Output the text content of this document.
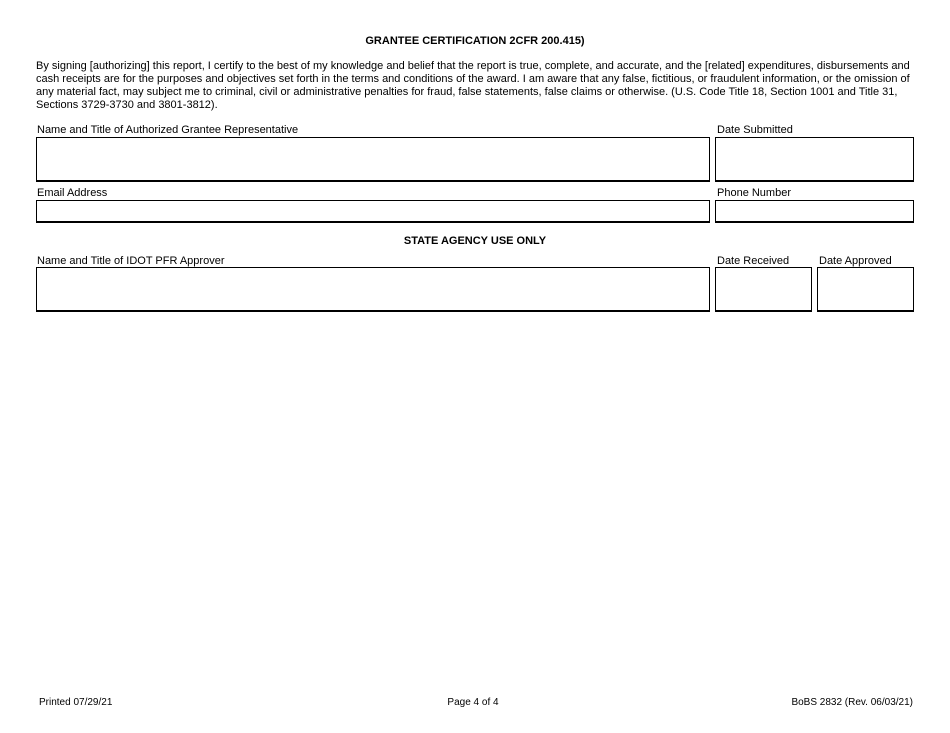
GRANTEE CERTIFICATION 2CFR 200.415)

By signing [authorizing] this report, I certify to the best of my knowledge and belief that the report is true, complete, and accurate, and the [related] expenditures, disbursements and cash receipts are for the purposes and objectives set forth in the terms and conditions of the award. I am aware that any false, fictitious, or fraudulent information, or the omission of any material fact, may subject me to criminal, civil or administrative penalties for fraud, false statements, false claims or otherwise. (U.S. Code Title 18, Section 1001 and Title 31, Sections 3729-3730 and 3801-3812).

Name and Title of Authorized Grantee Representative	Date Submitted
Email Address	Phone Number
STATE AGENCY USE ONLY
Name and Title of IDOT PFR Approver	Date Received	Date Approved
Printed 07/29/21	Page 4 of 4	BoBS 2832 (Rev. 06/03/21)
